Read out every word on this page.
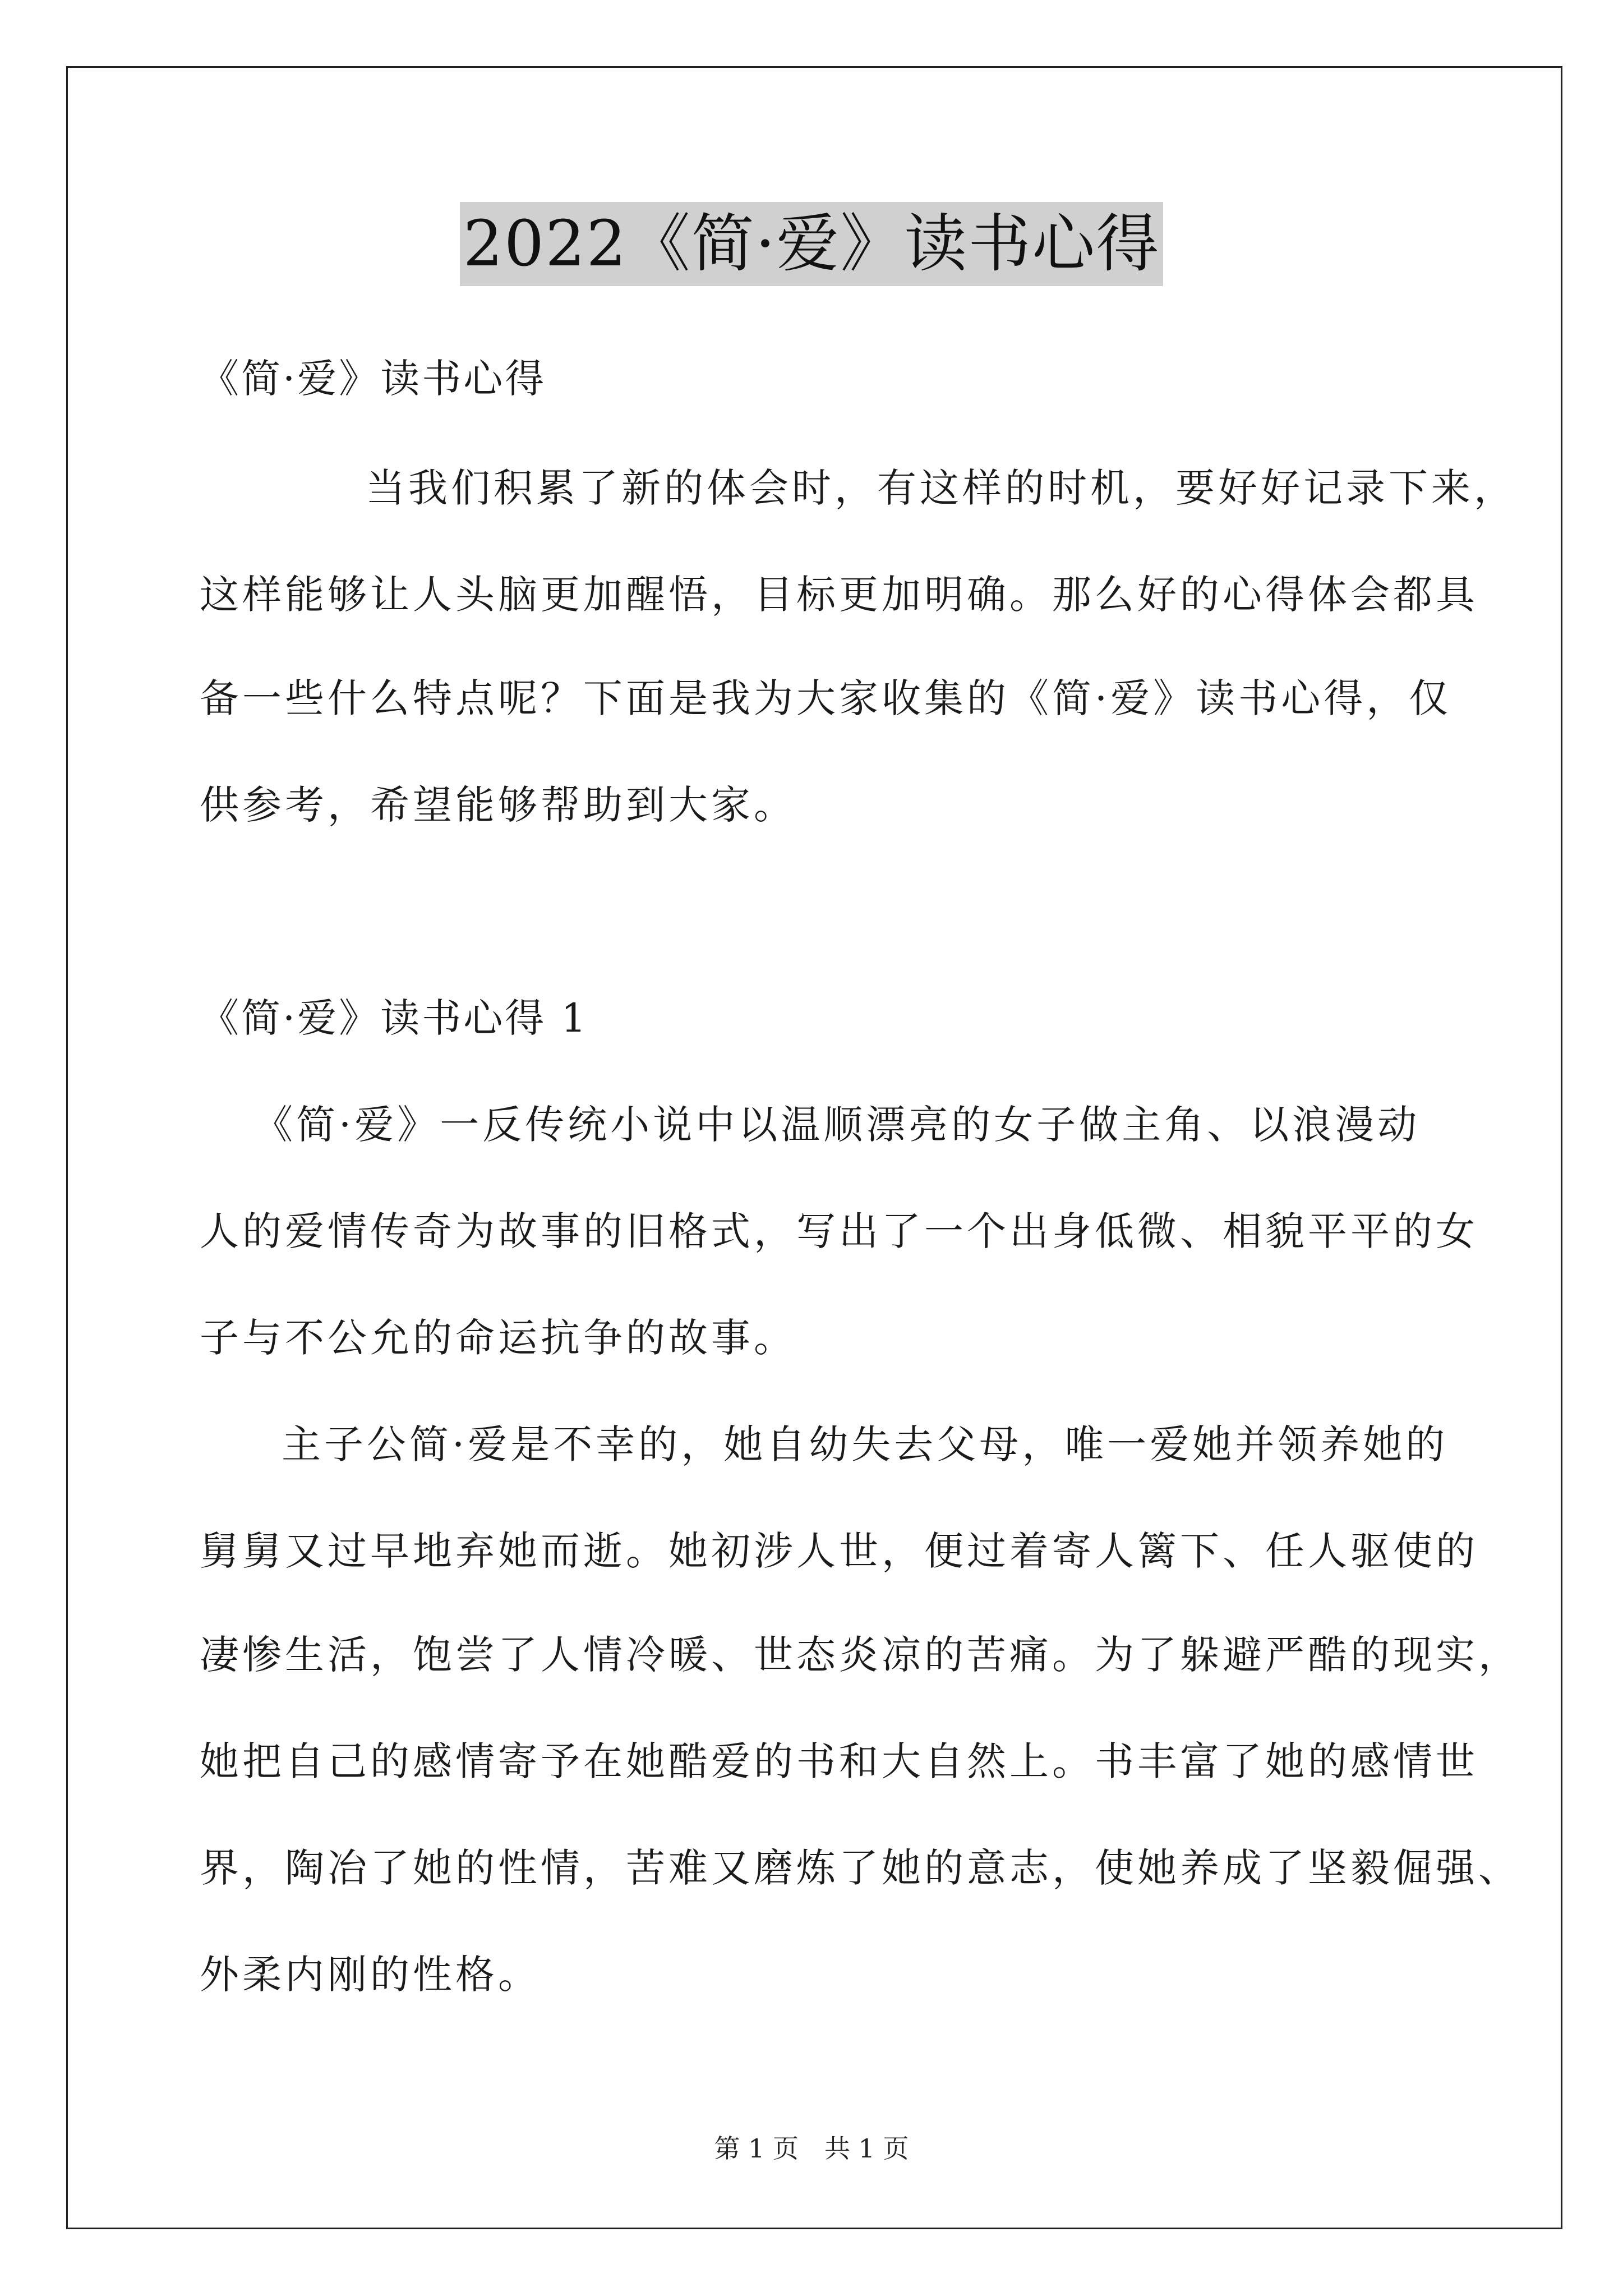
2022《简·爱》读书心得
《简·爱》读书心得
当我们积累了新的体会时，有这样的时机，要好好记录下来，
这样能够让人头脑更加醒悟，目标更加明确。那么好的心得体会都具
备一些什么特点呢？下面是我为大家收集的《简·爱》读书心得，仅
供参考，希望能够帮助到大家。
《简·爱》读书心得 1
《简·爱》一反传统小说中以温顺漂亮的女子做主角、以浪漫动
人的爱情传奇为故事的旧格式，写出了一个出身低微、相貌平平的女
子与不公允的命运抗争的故事。
主子公简·爱是不幸的，她自幼失去父母，唯一爱她并领养她的
舅舅又过早地弃她而逝。她初涉人世，便过着寄人篱下、任人驱使的
凄惨生活，饱尝了人情冷暖、世态炎凉的苦痛。为了躲避严酷的现实，
她把自己的感情寄予在她酷爱的书和大自然上。书丰富了她的感情世
界，陶冶了她的性情，苦难又磨炼了她的意志，使她养成了坚毅倔强、
外柔内刚的性格。
第 1 页　共 1 页
